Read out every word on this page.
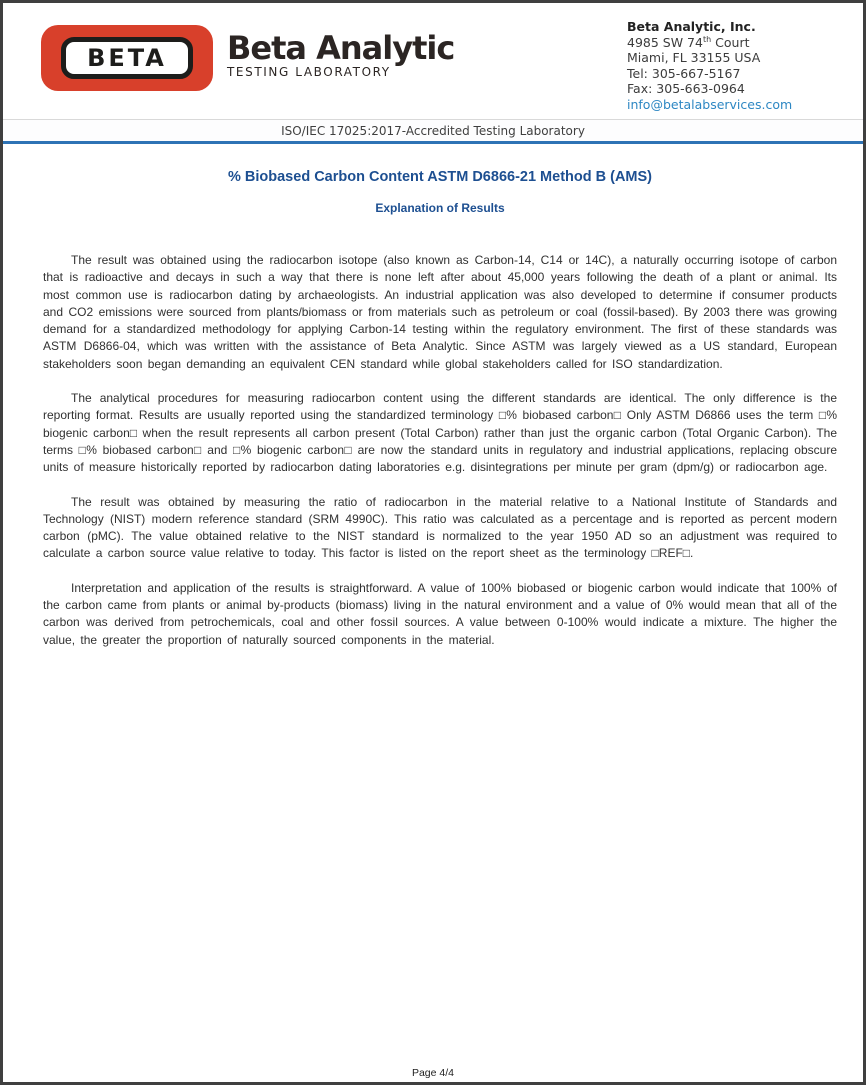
BETA	Beta Analytic
TESTING LABORATORY
Beta Analytic, Inc.
4985 SW 74th Court
Miami, FL 33155 USA
Tel: 305-667-5167
Fax: 305-663-0964
info@betalabservices.com
ISO/IEC 17025:2017-Accredited Testing Laboratory
% Biobased Carbon Content ASTM D6866-21 Method B (AMS)
Explanation of Results

The result was obtained using the radiocarbon isotope (also known as Carbon-14, C14 or 14C), a naturally occurring isotope of carbon that is radioactive and decays in such a way that there is none left after about 45,000 years following the death of a plant or animal. Its most common use is radiocarbon dating by archaeologists. An industrial application was also developed to determine if consumer products and CO2 emissions were sourced from plants/biomass or from materials such as petroleum or coal (fossil-based). By 2003 there was growing demand for a standardized methodology for applying Carbon-14 testing within the regulatory environment. The first of these standards was ASTM D6866-04, which was written with the assistance of Beta Analytic. Since ASTM was largely viewed as a US standard, European stakeholders soon began demanding an equivalent CEN standard while global stakeholders called for ISO standardization.

The analytical procedures for measuring radiocarbon content using the different standards are identical. The only difference is the reporting format. Results are usually reported using the standardized terminology □% biobased carbon□ Only ASTM D6866 uses the term □% biogenic carbon□ when the result represents all carbon present (Total Carbon) rather than just the organic carbon (Total Organic Carbon). The terms □% biobased carbon□ and □% biogenic carbon□ are now the standard units in regulatory and industrial applications, replacing obscure units of measure historically reported by radiocarbon dating laboratories e.g. disintegrations per minute per gram (dpm/g) or radiocarbon age.

The result was obtained by measuring the ratio of radiocarbon in the material relative to a National Institute of Standards and Technology (NIST) modern reference standard (SRM 4990C). This ratio was calculated as a percentage and is reported as percent modern carbon (pMC). The value obtained relative to the NIST standard is normalized to the year 1950 AD so an adjustment was required to calculate a carbon source value relative to today. This factor is listed on the report sheet as the terminology □REF□.

Interpretation and application of the results is straightforward. A value of 100% biobased or biogenic carbon would indicate that 100% of the carbon came from plants or animal by-products (biomass) living in the natural environment and a value of 0% would mean that all of the carbon was derived from petrochemicals, coal and other fossil sources. A value between 0-100% would indicate a mixture. The higher the value, the greater the proportion of naturally sourced components in the material.

Page 4/4
